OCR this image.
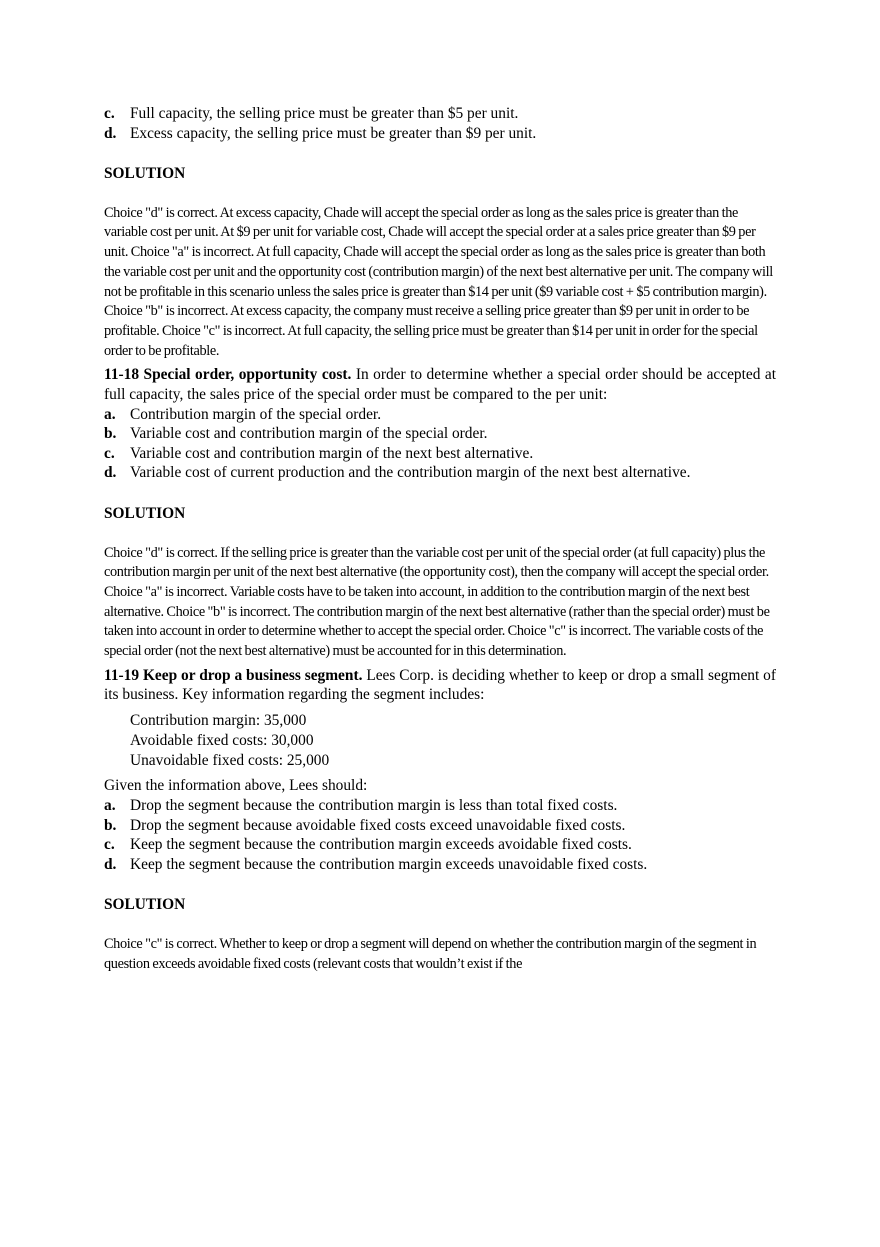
c. Full capacity, the selling price must be greater than $5 per unit.
d. Excess capacity, the selling price must be greater than $9 per unit.
SOLUTION
Choice "d" is correct. At excess capacity, Chade will accept the special order as long as the sales price is greater than the variable cost per unit. At $9 per unit for variable cost, Chade will accept the special order at a sales price greater than $9 per unit. Choice "a" is incorrect. At full capacity, Chade will accept the special order as long as the sales price is greater than both the variable cost per unit and the opportunity cost (contribution margin) of the next best alternative per unit. The company will not be profitable in this scenario unless the sales price is greater than $14 per unit ($9 variable cost + $5 contribution margin). Choice "b" is incorrect. At excess capacity, the company must receive a selling price greater than $9 per unit in order to be profitable. Choice "c" is incorrect. At full capacity, the selling price must be greater than $14 per unit in order for the special order to be profitable.
11-18 Special order, opportunity cost. In order to determine whether a special order should be accepted at full capacity, the sales price of the special order must be compared to the per unit:
a. Contribution margin of the special order.
b. Variable cost and contribution margin of the special order.
c. Variable cost and contribution margin of the next best alternative.
d. Variable cost of current production and the contribution margin of the next best alternative.
SOLUTION
Choice "d" is correct. If the selling price is greater than the variable cost per unit of the special order (at full capacity) plus the contribution margin per unit of the next best alternative (the opportunity cost), then the company will accept the special order. Choice "a" is incorrect. Variable costs have to be taken into account, in addition to the contribution margin of the next best alternative. Choice "b" is incorrect. The contribution margin of the next best alternative (rather than the special order) must be taken into account in order to determine whether to accept the special order. Choice "c" is incorrect. The variable costs of the special order (not the next best alternative) must be accounted for in this determination.
11-19 Keep or drop a business segment. Lees Corp. is deciding whether to keep or drop a small segment of its business. Key information regarding the segment includes:
Contribution margin: 35,000
Avoidable fixed costs: 30,000
Unavoidable fixed costs: 25,000
Given the information above, Lees should:
a. Drop the segment because the contribution margin is less than total fixed costs.
b. Drop the segment because avoidable fixed costs exceed unavoidable fixed costs.
c. Keep the segment because the contribution margin exceeds avoidable fixed costs.
d. Keep the segment because the contribution margin exceeds unavoidable fixed costs.
SOLUTION
Choice "c" is correct. Whether to keep or drop a segment will depend on whether the contribution margin of the segment in question exceeds avoidable fixed costs (relevant costs that wouldn’t exist if the
